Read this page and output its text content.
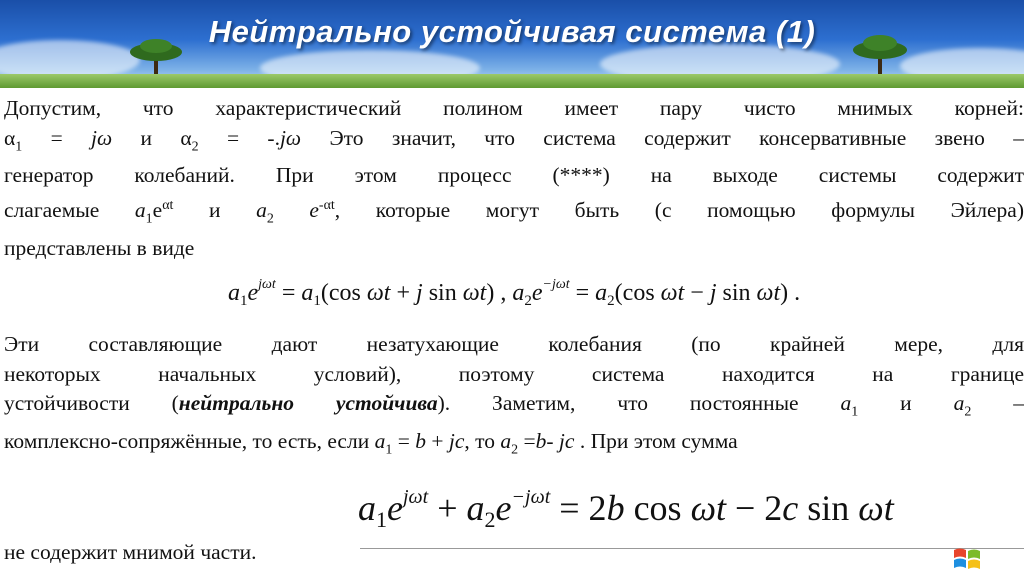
Нейтрально устойчивая система (1)
Допустим, что характеристический полином имеет пару чисто мнимых корней:
$\alpha_1 = j\omega$ и $\alpha_2 = -.j\omega$ Это значит, что система содержит консервативные звено –
генератор колебаний. При этом процесс (****) на выходе системы содержит
слагаемые $a_1e^{\alpha t}$ и $a_2$ $e^{-\alpha t}$, которые могут быть (с помощью формулы Эйлера)
представлены в виде
$a_1e^{j\omega t} = a_1(\cos$ ωt + j sin ωt) , $a_2e^{-j\omega t} = a_2(\cos$ ωt − j sin ωt) .
Эти составляющие дают незатухающие колебания (по крайней мере, для
некоторых начальных условий), поэтому система находится на границе
устойчивости (нейтрально устойчива). Заметим, что постоянные $a_1$ и $a_2$ –
комплексно-сопряжённые, то есть, если $a_1 = b$ + jc, то $a_2 =b-$ jc . При этом сумма
$a1e^{j\omega t} + a2e^{-j\omega t} = 2b$ cos ωt − 2c sin ωt
не содержит мнимой части.
